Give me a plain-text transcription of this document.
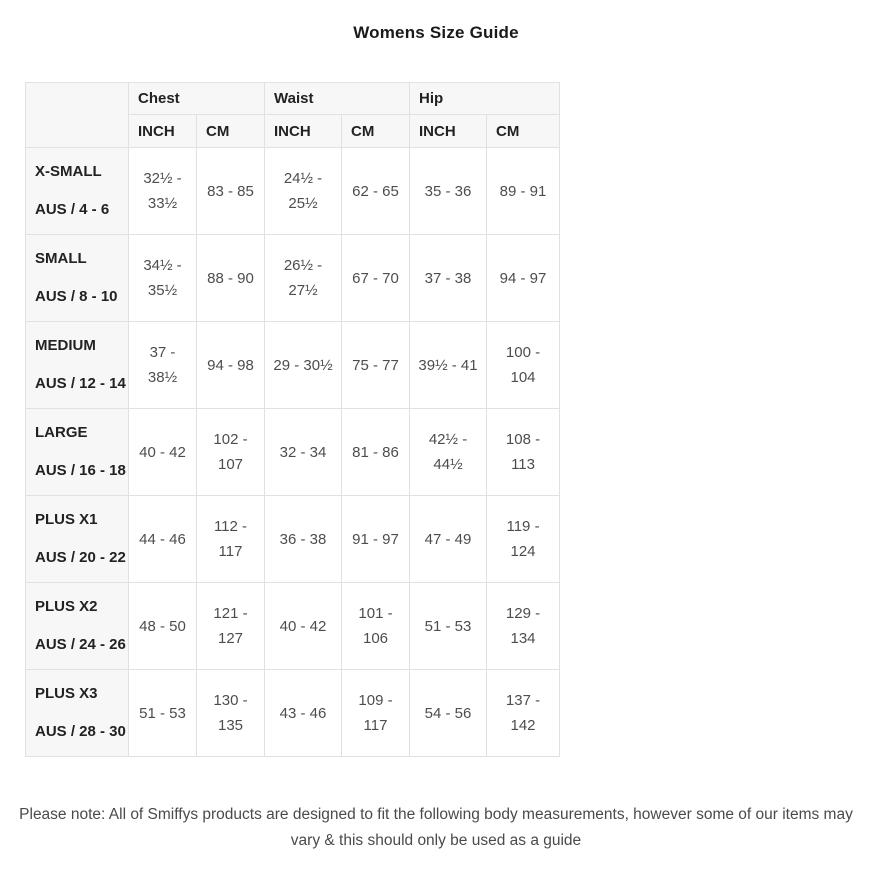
Womens Size Guide
	Chest		Waist		Hip	
	INCH	CM	INCH	CM	INCH	CM

X-SMALL
AUS / 4 - 6	32½ - 33½	83 - 85	24½ - 25½	62 - 65	35 - 36	89 - 91

SMALL
AUS / 8 - 10	34½ - 35½	88 - 90	26½ - 27½	67 - 70	37 - 38	94 - 97

MEDIUM
AUS / 12 - 14	37 - 38½	94 - 98	29 - 30½	75 - 77	39½ - 41	100 - 104

LARGE
AUS / 16 - 18	40 - 42	102 - 107	32 - 34	81 - 86	42½ - 44½	108 - 113

PLUS X1
AUS / 20 - 22	44 - 46	112 - 117	36 - 38	91 - 97	47 - 49	119 - 124

PLUS X2
AUS / 24 - 26	48 - 50	121 - 127	40 - 42	101 - 106	51 - 53	129 - 134

PLUS X3
AUS / 28 - 30	51 - 53	130 - 135	43 - 46	109 - 117	54 - 56	137 - 142

Please note: All of Smiffys products are designed to fit the following body measurements, however some of our items may vary & this should only be used as a guide
